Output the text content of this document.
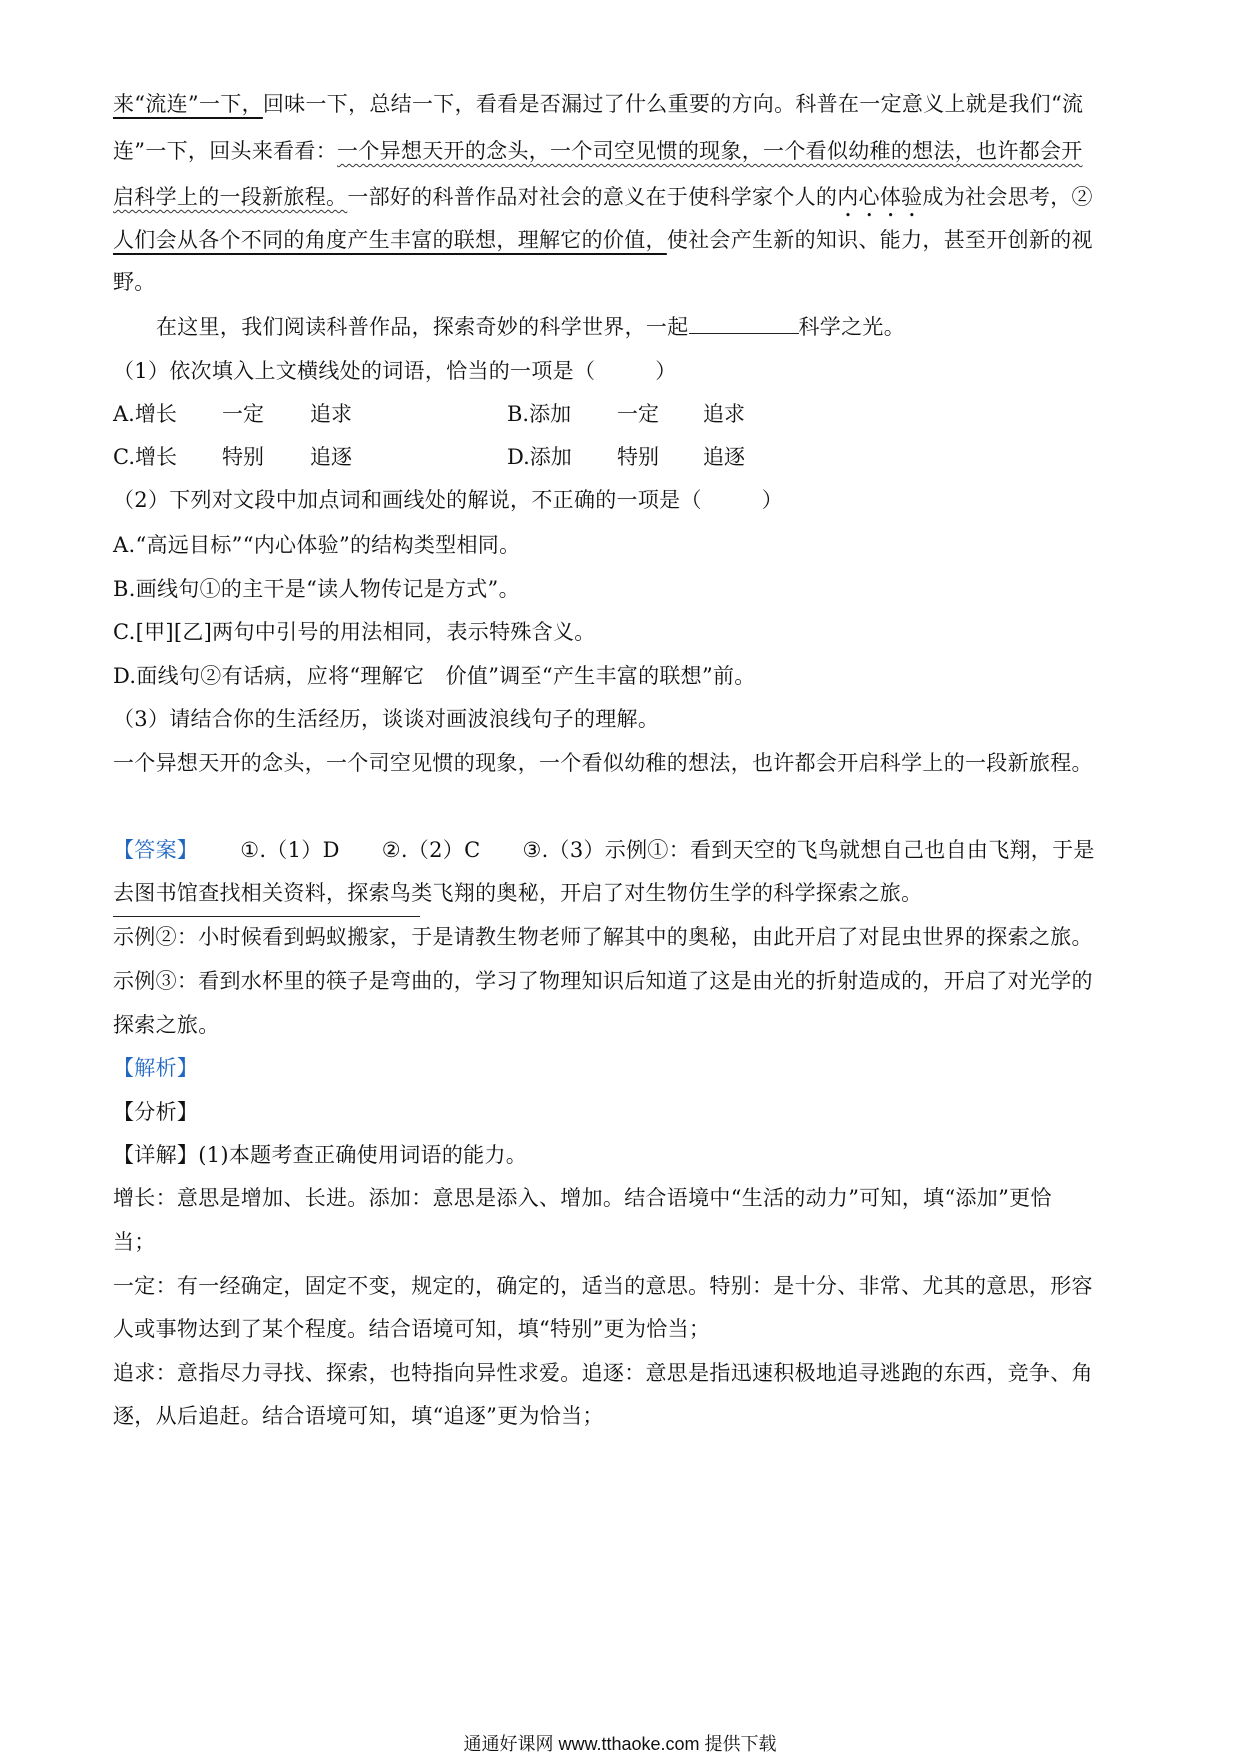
来“流连”一下，回味一下，总结一下，看看是否漏过了什么重要的方向。科普在一定意义上就是我们“流
连”一下，回头来看看：一个异想天开的念头，一个司空见惯的现象，一个看似幼稚的想法，也许都会开
启科学上的一段新旅程。一部好的科普作品对社会的意义在于使科学家个人的内心体验成为社会思考，②
人们会从各个不同的角度产生丰富的联想，理解它的价值，使社会产生新的知识、能力，甚至开创新的视
野。
在这里，我们阅读科普作品，探索奇妙的科学世界，一起	科学之光。
（1）依次填入上文横线处的词语，恰当的一项是（	）
A.增长 一定 追求	B.添加 一定 追求
C.增长 特别 追逐	D.添加 特别 追逐
（2）下列对文段中加点词和画线处的解说，不正确的一项是（	）
A.“高远目标”“内心体验”的结构类型相同。
B.画线句①的主干是“读人物传记是方式”。
C.[甲][乙]两句中引号的用法相同，表示特殊含义。
D.面线句②有话病，应将“理解它　价值”调至“产生丰富的联想”前。
（3）请结合你的生活经历，谈谈对画波浪线句子的理解。
一个异想天开的念头，一个司空见惯的现象，一个看似幼稚的想法，也许都会开启科学上的一段新旅程。
【答案】 ①.（1）D ②.（2）C ③.（3）示例①：看到天空的飞鸟就想自己也自由飞翔，于是
去图书馆查找相关资料，探索鸟类飞翔的奥秘，开启了对生物仿生学的科学探索之旅。
示例②：小时候看到蚂蚁搬家，于是请教生物老师了解其中的奥秘，由此开启了对昆虫世界的探索之旅。
示例③：看到水杯里的筷子是弯曲的，学习了物理知识后知道了这是由光的折射造成的，开启了对光学的
探索之旅。
【解析】
【分析】
【详解】(1)本题考查正确使用词语的能力。
增长：意思是增加、长进。添加：意思是添入、增加。结合语境中“生活的动力”可知，填“添加”更恰
当；
一定：有一经确定，固定不变，规定的，确定的，适当的意思。特别：是十分、非常、尤其的意思，形容
人或事物达到了某个程度。结合语境可知，填“特别”更为恰当；
追求：意指尽力寻找、探索，也特指向异性求爱。追逐：意思是指迅速积极地追寻逃跑的东西，竞争、角
逐，从后追赶。结合语境可知，填“追逐”更为恰当；
通通好课网 www.tthaoke.com 提供下载
